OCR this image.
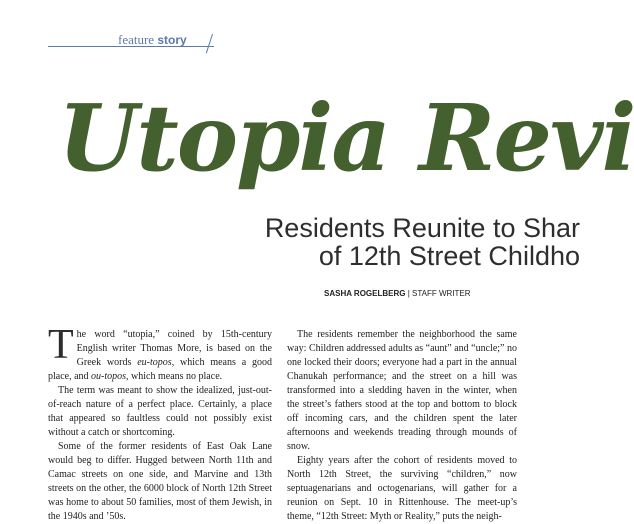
feature story
Utopia Revi
Residents Reunite to Shar
of 12th Street Childho
SASHA ROGELBERG | STAFF WRITER

The word “utopia,” coined by 15th-century English writer Thomas More, is based on the Greek words eu-topos, which means a good place, and ou-topos, which means no place.

The term was meant to show the idealized, just-out-of-reach nature of a perfect place. Certainly, a place that appeared so faultless could not possibly exist without a catch or shortcoming.

Some of the former residents of East Oak Lane would beg to differ. Hugged between North 11th and Camac streets on one side, and Marvine and 13th streets on the other, the 6000 block of North 12th Street was home to about 50 families, most of them Jewish, in the 1940s and ’50s.

The residents remember the neighborhood the same way: Children addressed adults as “aunt” and “uncle;” no one locked their doors; everyone had a part in the annual Chanukah performance; and the street on a hill was transformed into a sledding haven in the winter, when the street’s fathers stood at the top and bottom to block off incoming cars, and the children spent the later afternoons and weekends treading through mounds of snow.

Eighty years after the cohort of residents moved to North 12th Street, the surviving “children,” now septuagenarians and octogenarians, will gather for a reunion on Sept. 10 in Rittenhouse. The meet-up’s theme, “12th Street: Myth or Reality,” puts the neigh-
